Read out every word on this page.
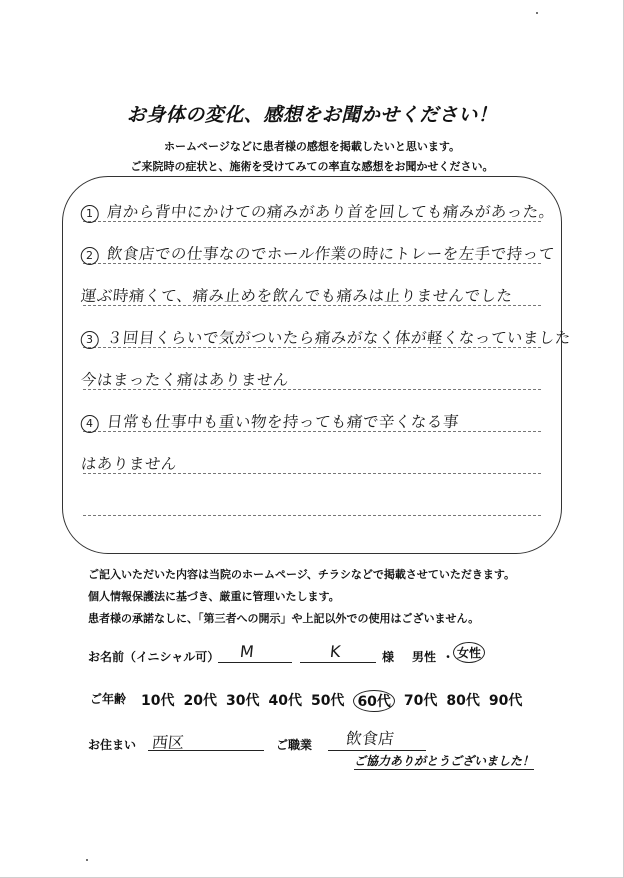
お身体の変化、感想をお聞かせください！
ホームページなどに患者様の感想を掲載したいと思います。
ご来院時の症状と、施術を受けてみての率直な感想をお聞かせください。
1 肩から背中にかけての痛みがあり首を回しても痛みがあった。
2 飲食店での仕事なのでホール作業の時にトレーを左手で持って
運ぶ時痛くて、痛み止めを飲んでも痛みは止りませんでした
3 ３回目くらいで気がついたら痛みがなく体が軽くなっていました
今はまったく痛はありません
4 日常も仕事中も重い物を持っても痛で辛くなる事
はありません
ご記入いただいた内容は当院のホームページ、チラシなどで掲載させていただきます。
個人情報保護法に基づき、厳重に管理いたします。
患者様の承諾なしに、「第三者への開示」や上記以外での使用はございません。
お名前（イニシャル可） M	K	様 男性 ・ 女性
ご年齢 10代 20代 30代 40代 50代 60代 70代 80代 90代
お住まい 西区	ご職業 飲食店
ご協力ありがとうございました！
